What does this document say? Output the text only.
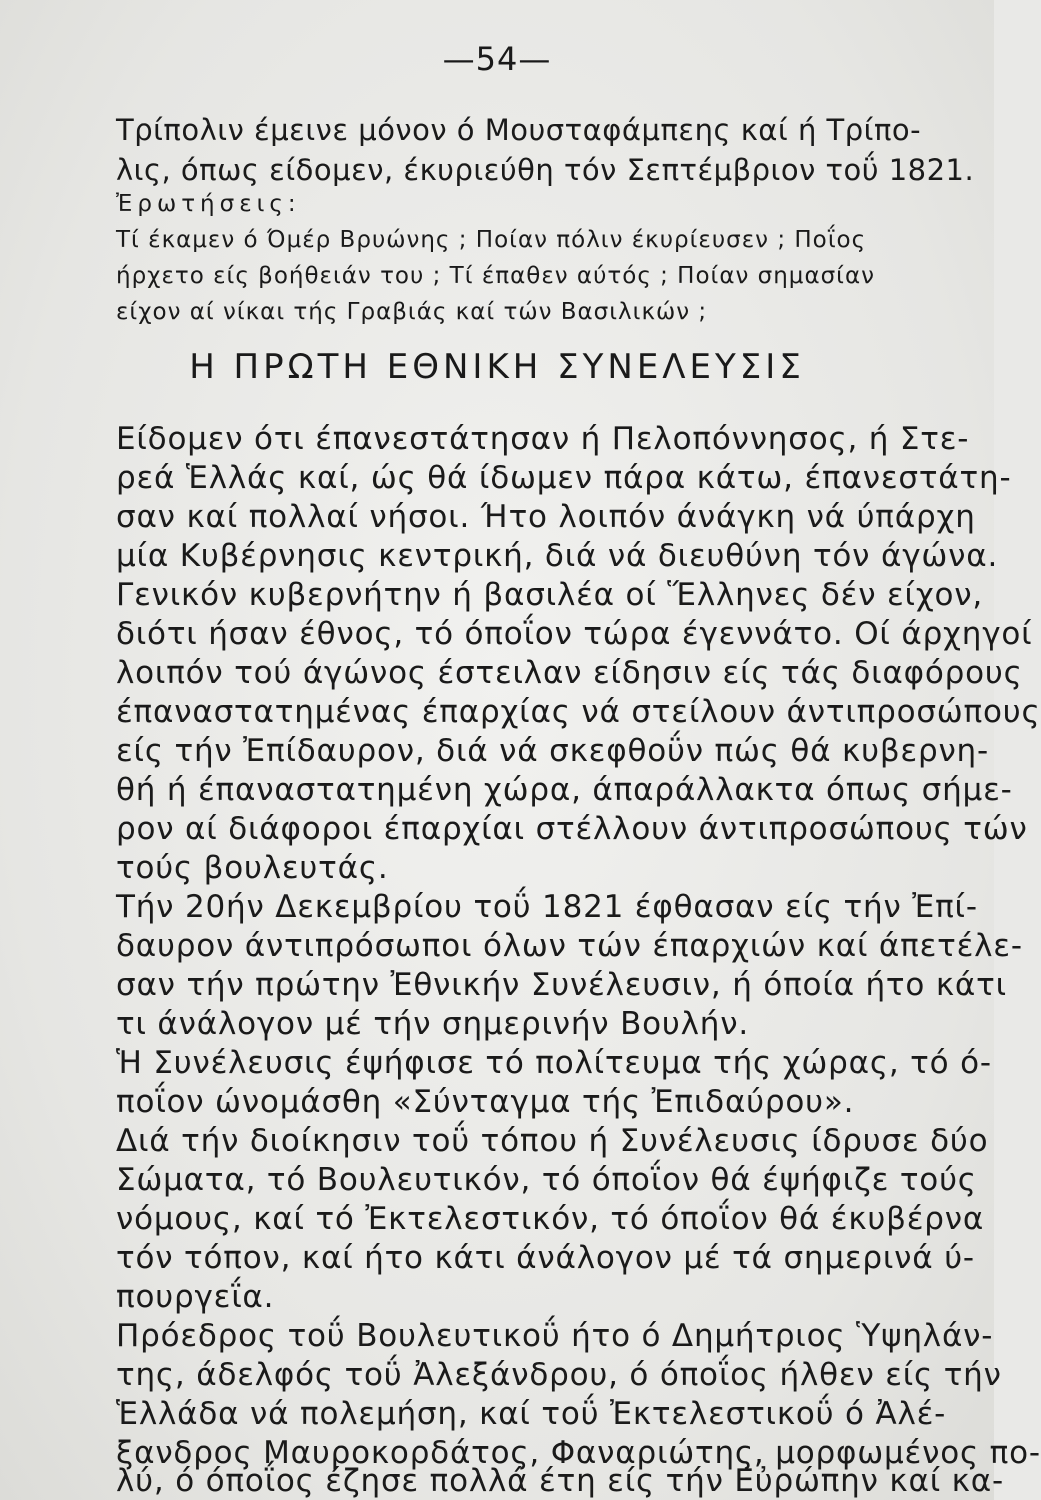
—54—
Τρίπολιν έμεινε μόνον ό Μουσταφάμπεης καί ή Τρίπο-
λις, όπως είδομεν, έκυριεύθη τόν Σεπτέμβριον τοΰ 1821.
Ἐρωτήσεις:
Τί έκαμεν ό Όμέρ Βρυώνης ; Ποίαν πόλιν έκυρίευσεν ; Ποΐος
ήρχετο είς βοήθειάν του ; Τί έπαθεν αύτός ; Ποίαν σημασίαν
είχον αί νίκαι τής Γραβιάς καί τών Βασιλικών ;
Η ΠΡΩΤΗ ΕΘΝΙΚΗ ΣΥΝΕΛΕΥΣΙΣ
Είδομεν ότι έπανεστάτησαν ή Πελοπόννησος, ή Στε-
ρεά Ἑλλάς καί, ώς θά ίδωμεν πάρα κάτω, έπανεστάτη-
σαν καί πολλαί νήσοι. Ήτο λοιπόν άνάγκη νά ύπάρχη
μία Κυβέρνησις κεντρική, διά νά διευθύνη τόν άγώνα.
Γενικόν κυβερνήτην ή βασιλέα οί Ἕλληνες δέν είχον,
διότι ήσαν έθνος, τό όποΐον τώρα έγεννάτο. Οί άρχηγοί
λοιπόν τού άγώνος έστειλαν είδησιν είς τάς διαφόρους
έπαναστατημένας έπαρχίας νά στείλουν άντιπροσώπους
είς τήν Ἐπίδαυρον, διά νά σκεφθοΰν πώς θά κυβερνη-
θή ή έπαναστατημένη χώρα, άπαράλλακτα όπως σήμε-
ρον αί διάφοροι έπαρχίαι στέλλουν άντιπροσώπους τών
τούς βουλευτάς.
Τήν 20ήν Δεκεμβρίου τοΰ 1821 έφθασαν είς τήν Ἐπί-
δαυρον άντιπρόσωποι όλων τών έπαρχιών καί άπετέλε-
σαν τήν πρώτην Ἐθνικήν Συνέλευσιν, ή όποία ήτο κάτι
τι άνάλογον μέ τήν σημερινήν Βουλήν.
Ἡ Συνέλευσις έψήφισε τό πολίτευμα τής χώρας, τό ό-
ποΐον ώνομάσθη «Σύνταγμα τής Ἐπιδαύρου».
Διά τήν διοίκησιν τοΰ τόπου ή Συνέλευσις ίδρυσε δύο
Σώματα, τό Βουλευτικόν, τό όποΐον θά έψήφιζε τούς
νόμους, καί τό Ἐκτελεστικόν, τό όποΐον θά έκυβέρνα
τόν τόπον, καί ήτο κάτι άνάλογον μέ τά σημερινά ύ-
πουργεΐα.
Πρόεδρος τοΰ Βουλευτικοΰ ήτο ό Δημήτριος Ὑψηλάν-
της, άδελφός τοΰ Ἀλεξάνδρου, ό όποΐος ήλθεν είς τήν
Ἑλλάδα νά πολεμήση, καί τοΰ Ἐκτελεστικοΰ ό Ἀλέ-
ξανδρος Μαυροκορδάτος, Φαναριώτης, μορφωμένος πο-
λύ, ό όποΐος έζησε πολλά έτη είς τήν Εὐρώπην καί κα-
